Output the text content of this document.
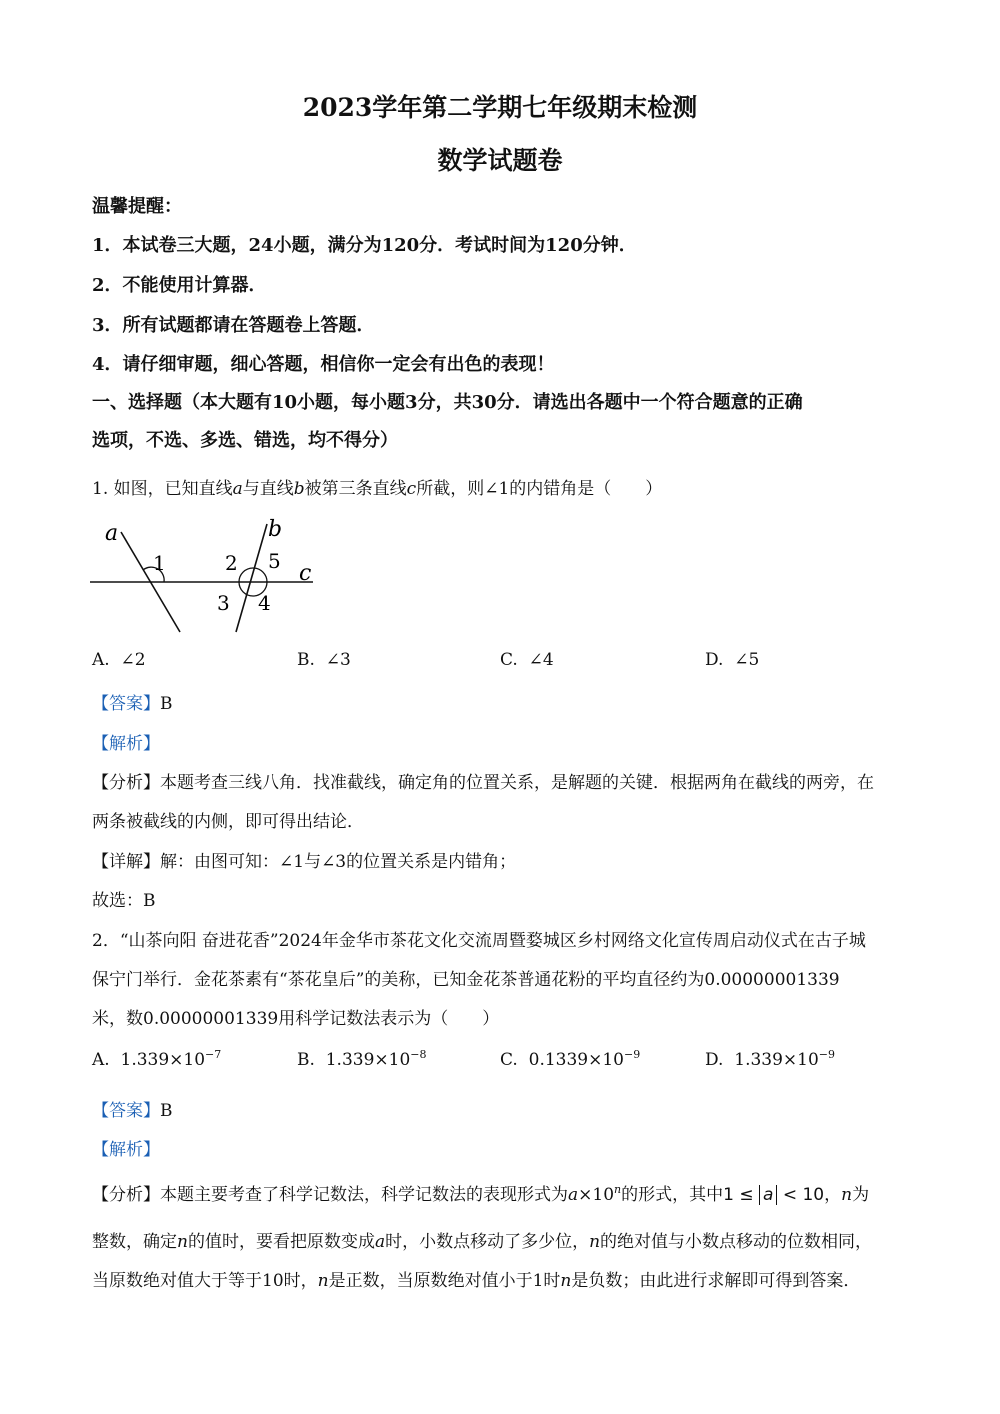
2023学年第二学期七年级期末检测
数学试题卷
温馨提醒：
1．本试卷三大题，24小题，满分为120分．考试时间为120分钟．
2．不能使用计算器．
3．所有试题都请在答题卷上答题．
4．请仔细审题，细心答题，相信你一定会有出色的表现！
一、选择题（本大题有10小题，每小题3分，共30分．请选出各题中一个符合题意的正确
选项，不选、多选、错选，均不得分）
1. 如图，已知直线a与直线b被第三条直线c所截，则∠1的内错角是（　　）
a	b
c
1	2 5
3 4
A. ∠2	B. ∠3	C. ∠4	D. ∠5
【答案】B
【解析】
【分析】本题考查三线八角．找准截线，确定角的位置关系，是解题的关键．根据两角在截线的两旁，在
两条被截线的内侧，即可得出结论．
【详解】解：由图可知：∠1与∠3的位置关系是内错角；
故选：B
2．“山茶向阳 奋进花香”2024年金华市茶花文化交流周暨婺城区乡村网络文化宣传周启动仪式在古子城
保宁门举行．金花茶素有“茶花皇后”的美称，已知金花茶普通花粉的平均直径约为0.00000001339
米，数0.00000001339用科学记数法表示为（　　）
A. $1.339\times 10^{-7}$	B. $1.339\times 10^{-8}$	C. $0.1339\times 10^{-9}$	D. $1.339\times 10^{-9}$
【答案】B
【解析】
【分析】本题主要考查了科学记数法，科学记数法的表现形式为$a\times 10^n$的形式，其中1 ≤ a < 10，n为
整数，确定n的值时，要看把原数变成a时，小数点移动了多少位，n的绝对值与小数点移动的位数相同，
当原数绝对值大于等于10时，n是正数，当原数绝对值小于1时n是负数；由此进行求解即可得到答案．
